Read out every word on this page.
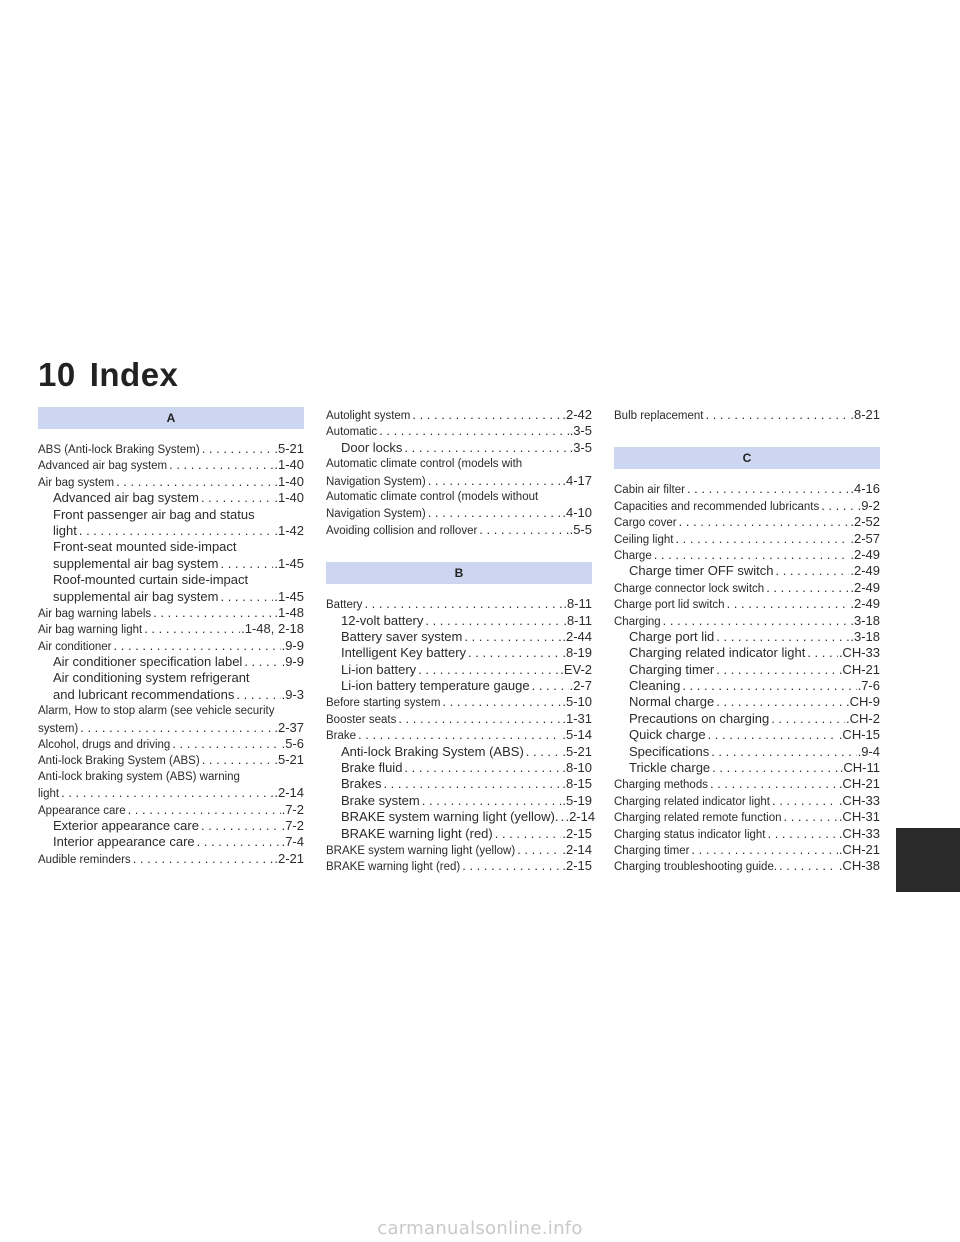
10 Index
A
ABS (Anti-lock Braking System) .....	.5-21
Advanced air bag system .....	.1-40
Air bag system .....	.1-40
Advanced air bag system .....	.1-40
Front passenger air bag and status
light .....	.1-42
Front-seat mounted side-impact
supplemental air bag system .....	.1-45
Roof-mounted curtain side-impact
supplemental air bag system .....	.1-45
Air bag warning labels .....	.1-48
Air bag warning light .....	.1-48, 2-18
Air conditioner .....	.9-9
Air conditioner specification label .....	.9-9
Air conditioning system refrigerant
and lubricant recommendations .....	.9-3
Alarm, How to stop alarm (see vehicle security
system) .....	.2-37
Alcohol, drugs and driving .....	.5-6
Anti-lock Braking System (ABS) .....	.5-21
Anti-lock braking system (ABS) warning
light .....	.2-14
Appearance care .....	.7-2
Exterior appearance care .....	.7-2
Interior appearance care .....	.7-4
Audible reminders .....	.2-21
Autolight system .....	.2-42
Automatic .....	.3-5
Door locks .....	.3-5
Automatic climate control (models with
Navigation System) .....	.4-17
Automatic climate control (models without
Navigation System) .....	.4-10
Avoiding collision and rollover .....	.5-5
B
Battery .....	.8-11
12-volt battery .....	.8-11
Battery saver system .....	.2-44
Intelligent Key battery .....	.8-19
Li-ion battery .....	.EV-2
Li-ion battery temperature gauge .....	.2-7
Before starting system .....	.5-10
Booster seats .....	.1-31
Brake .....	.5-14
Anti-lock Braking System (ABS) .....	.5-21
Brake fluid .....	.8-10
Brakes .....	.8-15
Brake system .....	.5-19
BRAKE system warning light (yellow). ..... .2-14
BRAKE warning light (red) .....	.2-15
BRAKE system warning light (yellow) .....	.2-14
BRAKE warning light (red) .....	.2-15
Bulb replacement .....	.8-21
C
Cabin air filter .....	.4-16
Capacities and recommended lubricants .....	.9-2
Cargo cover .....	.2-52
Ceiling light .....	.2-57
Charge .....	.2-49
Charge timer OFF switch .....	.2-49
Charge connector lock switch .....	.2-49
Charge port lid switch .....	.2-49
Charging .....	.3-18
Charge port lid .....	.3-18
Charging related indicator light .....	.CH-33
Charging timer .....	.CH-21
Cleaning .....	.7-6
Normal charge .....	.CH-9
Precautions on charging .....	.CH-2
Quick charge .....	.CH-15
Specifications .....	.9-4
Trickle charge .....	.CH-11
Charging methods .....	.CH-21
Charging related indicator light .....	.CH-33
Charging related remote function .....	.CH-31
Charging status indicator light .....	.CH-33
Charging timer .....	.CH-21
Charging troubleshooting guide. .....	.CH-38
carmanualsonline.info
